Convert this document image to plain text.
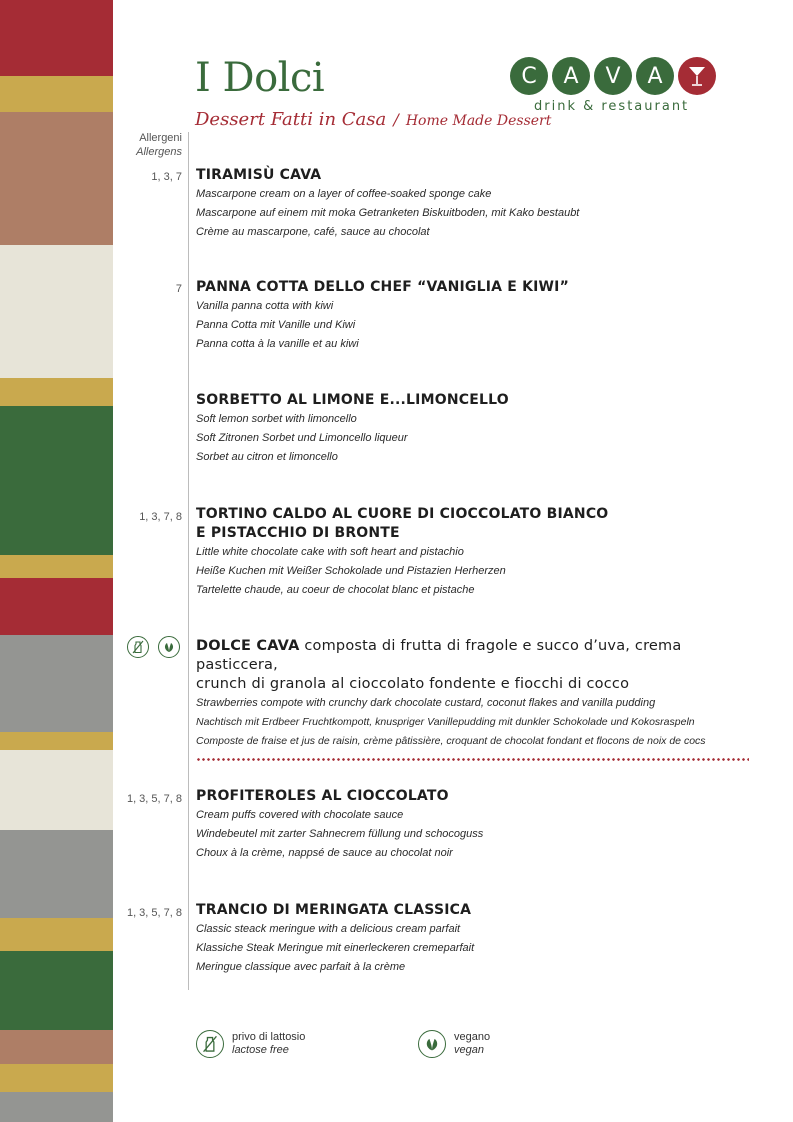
I Dolci
Dessert Fatti in Casa / Home Made Dessert
C	A	V	A
drink & restaurant
Allergeni
Allergens
1, 3, 7 TIRAMISÙ CAVA
Mascarpone cream on a layer of coffee-soaked sponge cake
Mascarpone auf einem mit moka Getranketen Biskuitboden, mit Kako bestaubt
Crème au mascarpone, café, sauce au chocolat
7 PANNA COTTA DELLO CHEF “VANIGLIA E KIWI”
Vanilla panna cotta with kiwi
Panna Cotta mit Vanille und Kiwi
Panna cotta à la vanille et au kiwi
SORBETTO AL LIMONE E...LIMONCELLO
Soft lemon sorbet with limoncello
Soft Zitronen Sorbet und Limoncello liqueur
Sorbet au citron et limoncello
1, 3, 7, 8 TORTINO CALDO AL CUORE DI CIOCCOLATO BIANCO
E PISTACCHIO DI BRONTE
Little white chocolate cake with soft heart and pistachio
Heiße Kuchen mit Weißer Schokolade und Pistazien Herherzen
Tartelette chaude, au coeur de chocolat blanc et pistache
DOLCE CAVA composta di frutta di fragole e succo d’uva, crema pasticcera,
crunch di granola al cioccolato fondente e fiocchi di cocco
Strawberries compote with crunchy dark chocolate custard, coconut flakes and vanilla pudding
Nachtisch mit Erdbeer Fruchtkompott, knuspriger Vanillepudding mit dunkler Schokolade und Kokosraspeln
Composte de fraise et jus de raisin, crème pâtissière, croquant de chocolat fondant et flocons de noix de cocs
1, 3, 5, 7, 8 PROFITEROLES AL CIOCCOLATO
Cream puffs covered with chocolate sauce
Windebeutel mit zarter Sahnecrem füllung und schocoguss
Choux à la crème, nappsé de sauce au chocolat noir
1, 3, 5, 7, 8 TRANCIO DI MERINGATA CLASSICA
Classic steack meringue with a delicious cream parfait
Klassiche Steak Meringue mit einerleckeren cremeparfait
Meringue classique avec parfait à la crème
privo di lattosio
lactose free
vegano
vegan
